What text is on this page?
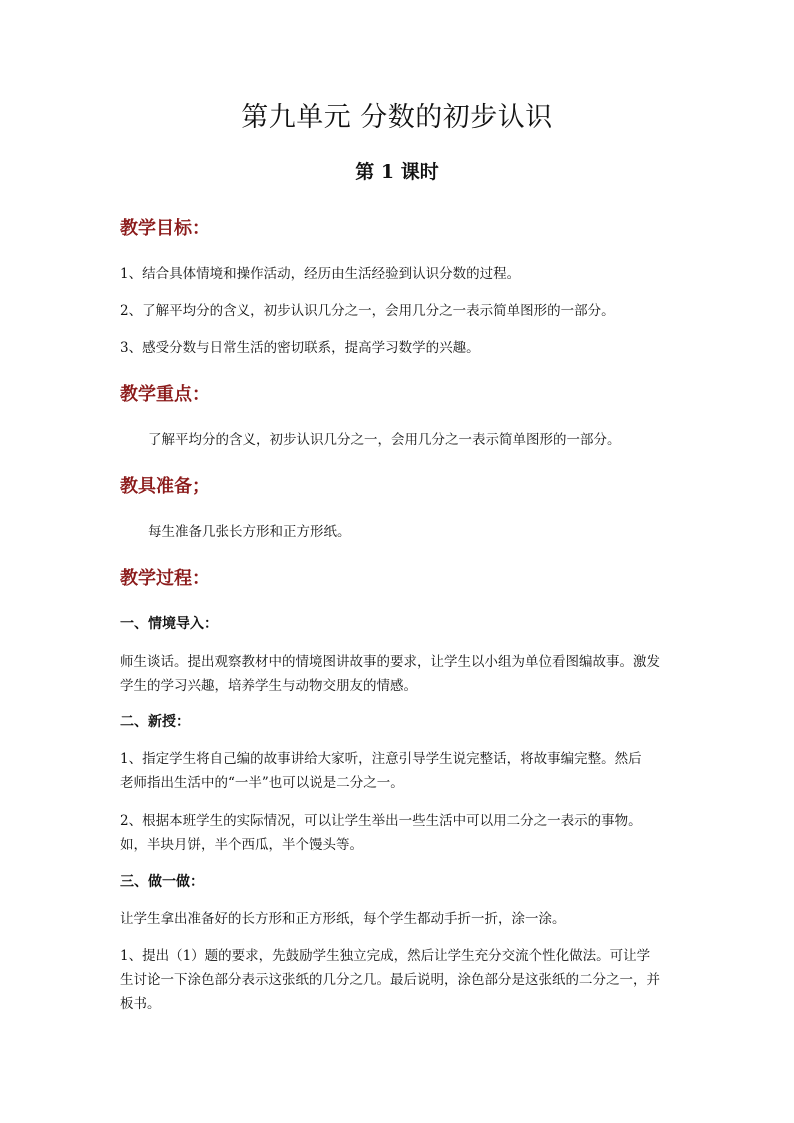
第九单元 分数的初步认识
第 1 课时
教学目标：
1、结合具体情境和操作活动，经历由生活经验到认识分数的过程。
2、了解平均分的含义，初步认识几分之一，会用几分之一表示简单图形的一部分。
3、感受分数与日常生活的密切联系，提高学习数学的兴趣。
教学重点：
了解平均分的含义，初步认识几分之一，会用几分之一表示简单图形的一部分。
教具准备；
每生准备几张长方形和正方形纸。
教学过程：
一、情境导入：
师生谈话。提出观察教材中的情境图讲故事的要求，让学生以小组为单位看图编故事。激发
学生的学习兴趣，培养学生与动物交朋友的情感。
二、新授：
1、指定学生将自己编的故事讲给大家听，注意引导学生说完整话，将故事编完整。然后
老师指出生活中的“一半”也可以说是二分之一。
2、根据本班学生的实际情况，可以让学生举出一些生活中可以用二分之一表示的事物。
如，半块月饼，半个西瓜，半个馒头等。
三、做一做：
让学生拿出准备好的长方形和正方形纸，每个学生都动手折一折，涂一涂。
1、提出（1）题的要求，先鼓励学生独立完成，然后让学生充分交流个性化做法。可让学
生讨论一下涂色部分表示这张纸的几分之几。最后说明，涂色部分是这张纸的二分之一，并
板书。
